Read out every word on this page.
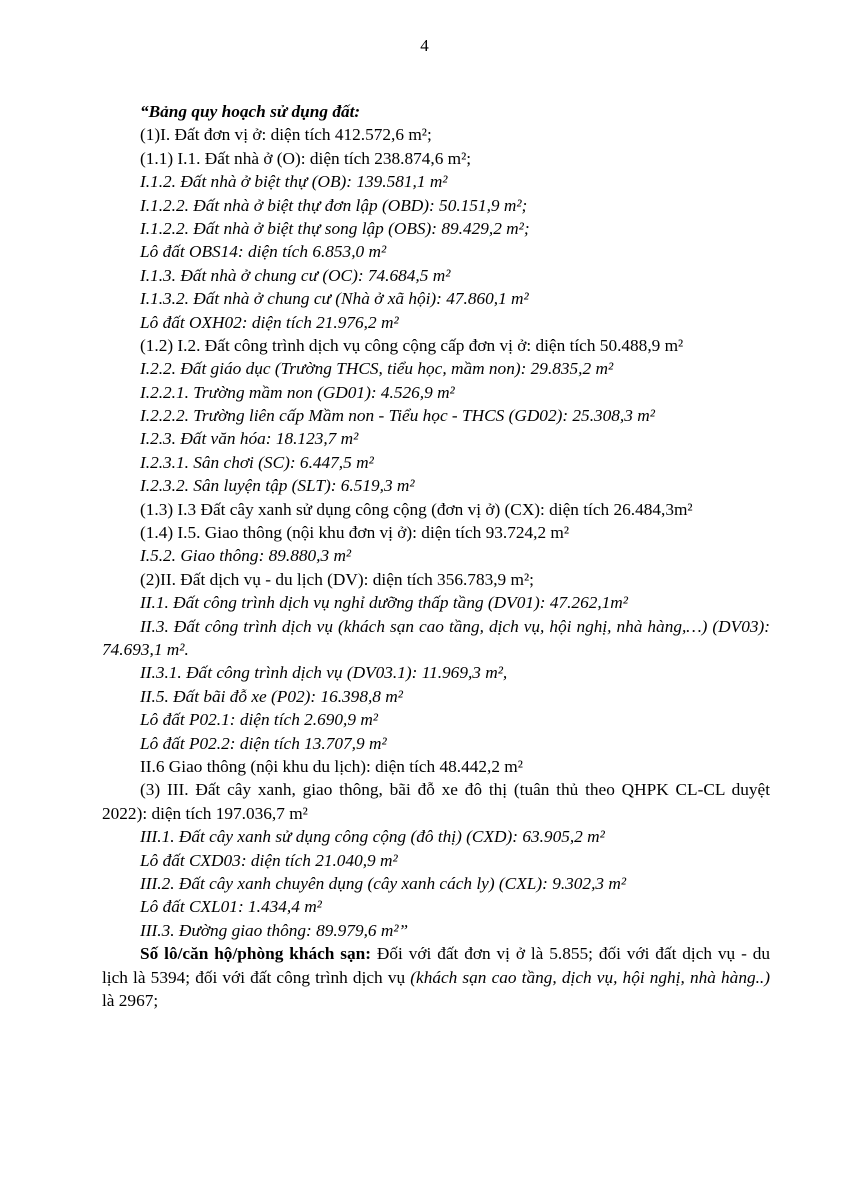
4
“Bảng quy hoạch sử dụng đất:
(1)I. Đất đơn vị ở: diện tích 412.572,6 m²;
(1.1) I.1. Đất nhà ở (O): diện tích 238.874,6 m²;
I.1.2. Đất nhà ở biệt thự (OB): 139.581,1 m²
I.1.2.2. Đất nhà ở biệt thự đơn lập (OBD): 50.151,9 m²;
I.1.2.2. Đất nhà ở biệt thự song lập (OBS): 89.429,2 m²;
Lô đất OBS14: diện tích 6.853,0 m²
I.1.3. Đất nhà ở chung cư (OC): 74.684,5 m²
I.1.3.2. Đất nhà ở chung cư (Nhà ở xã hội): 47.860,1 m²
Lô đất OXH02: diện tích 21.976,2 m²
(1.2) I.2. Đất công trình dịch vụ công cộng cấp đơn vị ở: diện tích 50.488,9 m²
I.2.2. Đất giáo dục (Trường THCS, tiểu học, mầm non): 29.835,2 m²
I.2.2.1. Trường mầm non (GD01): 4.526,9 m²
I.2.2.2. Trường liên cấp Mầm non - Tiểu học - THCS (GD02): 25.308,3 m²
I.2.3. Đất văn hóa: 18.123,7 m²
I.2.3.1. Sân chơi (SC): 6.447,5 m²
I.2.3.2. Sân luyện tập (SLT): 6.519,3 m²
(1.3) I.3 Đất cây xanh sử dụng công cộng (đơn vị ở) (CX): diện tích 26.484,3m²
(1.4) I.5. Giao thông (nội khu đơn vị ở): diện tích 93.724,2 m²
I.5.2. Giao thông: 89.880,3 m²
(2)II. Đất dịch vụ - du lịch (DV): diện tích 356.783,9 m²;
II.1. Đất công trình dịch vụ nghỉ dưỡng thấp tầng (DV01): 47.262,1m²
II.3. Đất công trình dịch vụ (khách sạn cao tầng, dịch vụ, hội nghị, nhà hàng,…) (DV03): 74.693,1 m².
II.3.1. Đất công trình dịch vụ (DV03.1): 11.969,3 m²,
II.5. Đất bãi đỗ xe (P02): 16.398,8 m²
Lô đất P02.1: diện tích 2.690,9 m²
Lô đất P02.2: diện tích 13.707,9 m²
II.6 Giao thông (nội khu du lịch): diện tích 48.442,2 m²
(3) III. Đất cây xanh, giao thông, bãi đỗ xe đô thị (tuân thủ theo QHPK CL-CL duyệt 2022): diện tích 197.036,7 m²
III.1. Đất cây xanh sử dụng công cộng (đô thị) (CXD): 63.905,2 m²
Lô đất CXD03: diện tích 21.040,9 m²
III.2. Đất cây xanh chuyên dụng (cây xanh cách ly) (CXL): 9.302,3 m²
Lô đất CXL01: 1.434,4 m²
III.3. Đường giao thông: 89.979,6 m²”
Số lô/căn hộ/phòng khách sạn: Đối với đất đơn vị ở là 5.855; đối với đất dịch vụ - du lịch là 5394; đối với đất công trình dịch vụ (khách sạn cao tầng, dịch vụ, hội nghị, nhà hàng..) là 2967;
